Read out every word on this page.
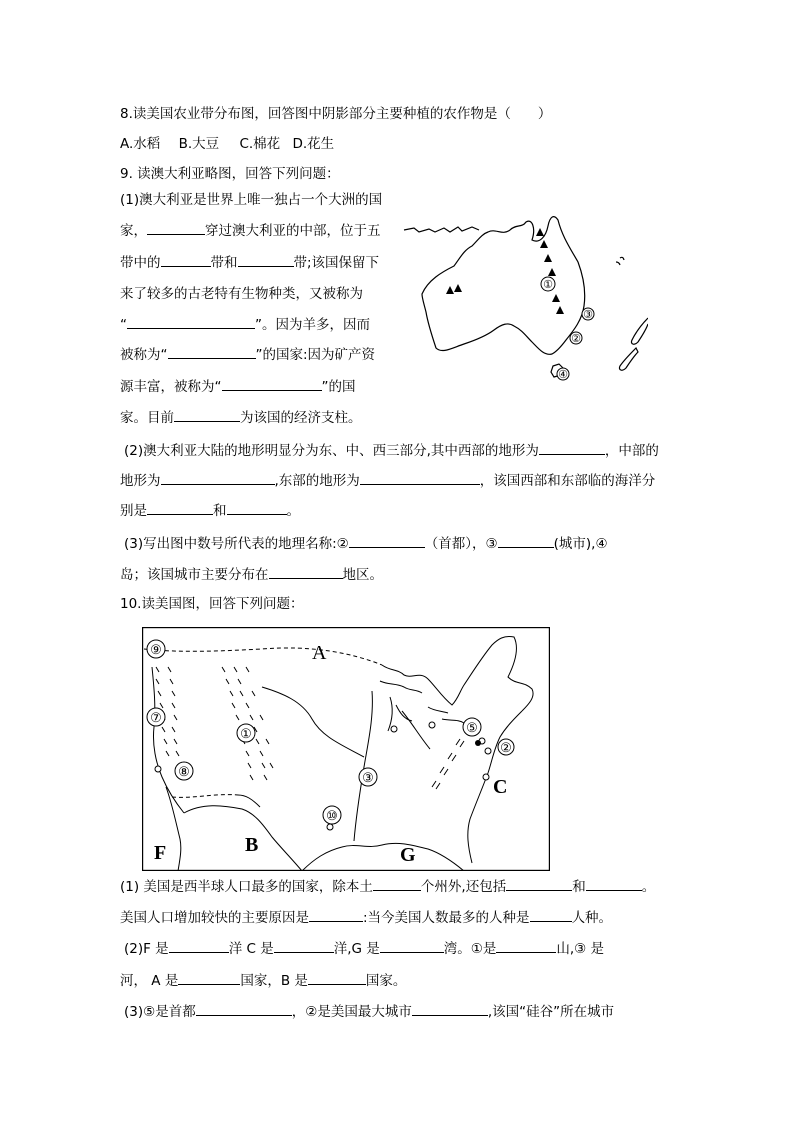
8.读美国农业带分布图，回答图中阴影部分主要种植的农作物是（　　）
A.水稻 B.大豆 C.棉花 D.花生
9. 读澳大利亚略图，回答下列问题：
(1)澳大利亚是世界上唯一独占一个大洲的国
家，	穿过澳大利亚的中部，位于五
带中的	带和	带;该国保留下
来了较多的古老特有生物种类，又被称为
“	”。因为羊多，因而
被称为“	”的国家:因为矿产资
源丰富，被称为“	”的国
家。目前	为该国的经济支柱。
①
②
③
④
(2)澳大利亚大陆的地形明显分为东、中、西三部分,其中西部的地形为	，中部的
地形为	,东部的地形为	，该国西部和东部临的海洋分
别是	和	。
(3)写出图中数号所代表的地理名称:②	（首都），③	(城市),④
岛；该国城市主要分布在	地区。
10.读美国图，回答下列问题：
⑨
⑦
⑧
①
③
⑤
②
⑩
A
B
C
F	G
(1) 美国是西半球人口最多的国家，除本土	个州外,还包括	和	。
美国人口增加较快的主要原因是	:当今美国人数最多的人种是	人种。
(2)F 是	洋 C 是	洋,G 是	湾。①是	山,③ 是
河， A 是	国家，B 是	国家。
(3)⑤是首都	，②是美国最大城市	,该国“硅谷”所在城市
